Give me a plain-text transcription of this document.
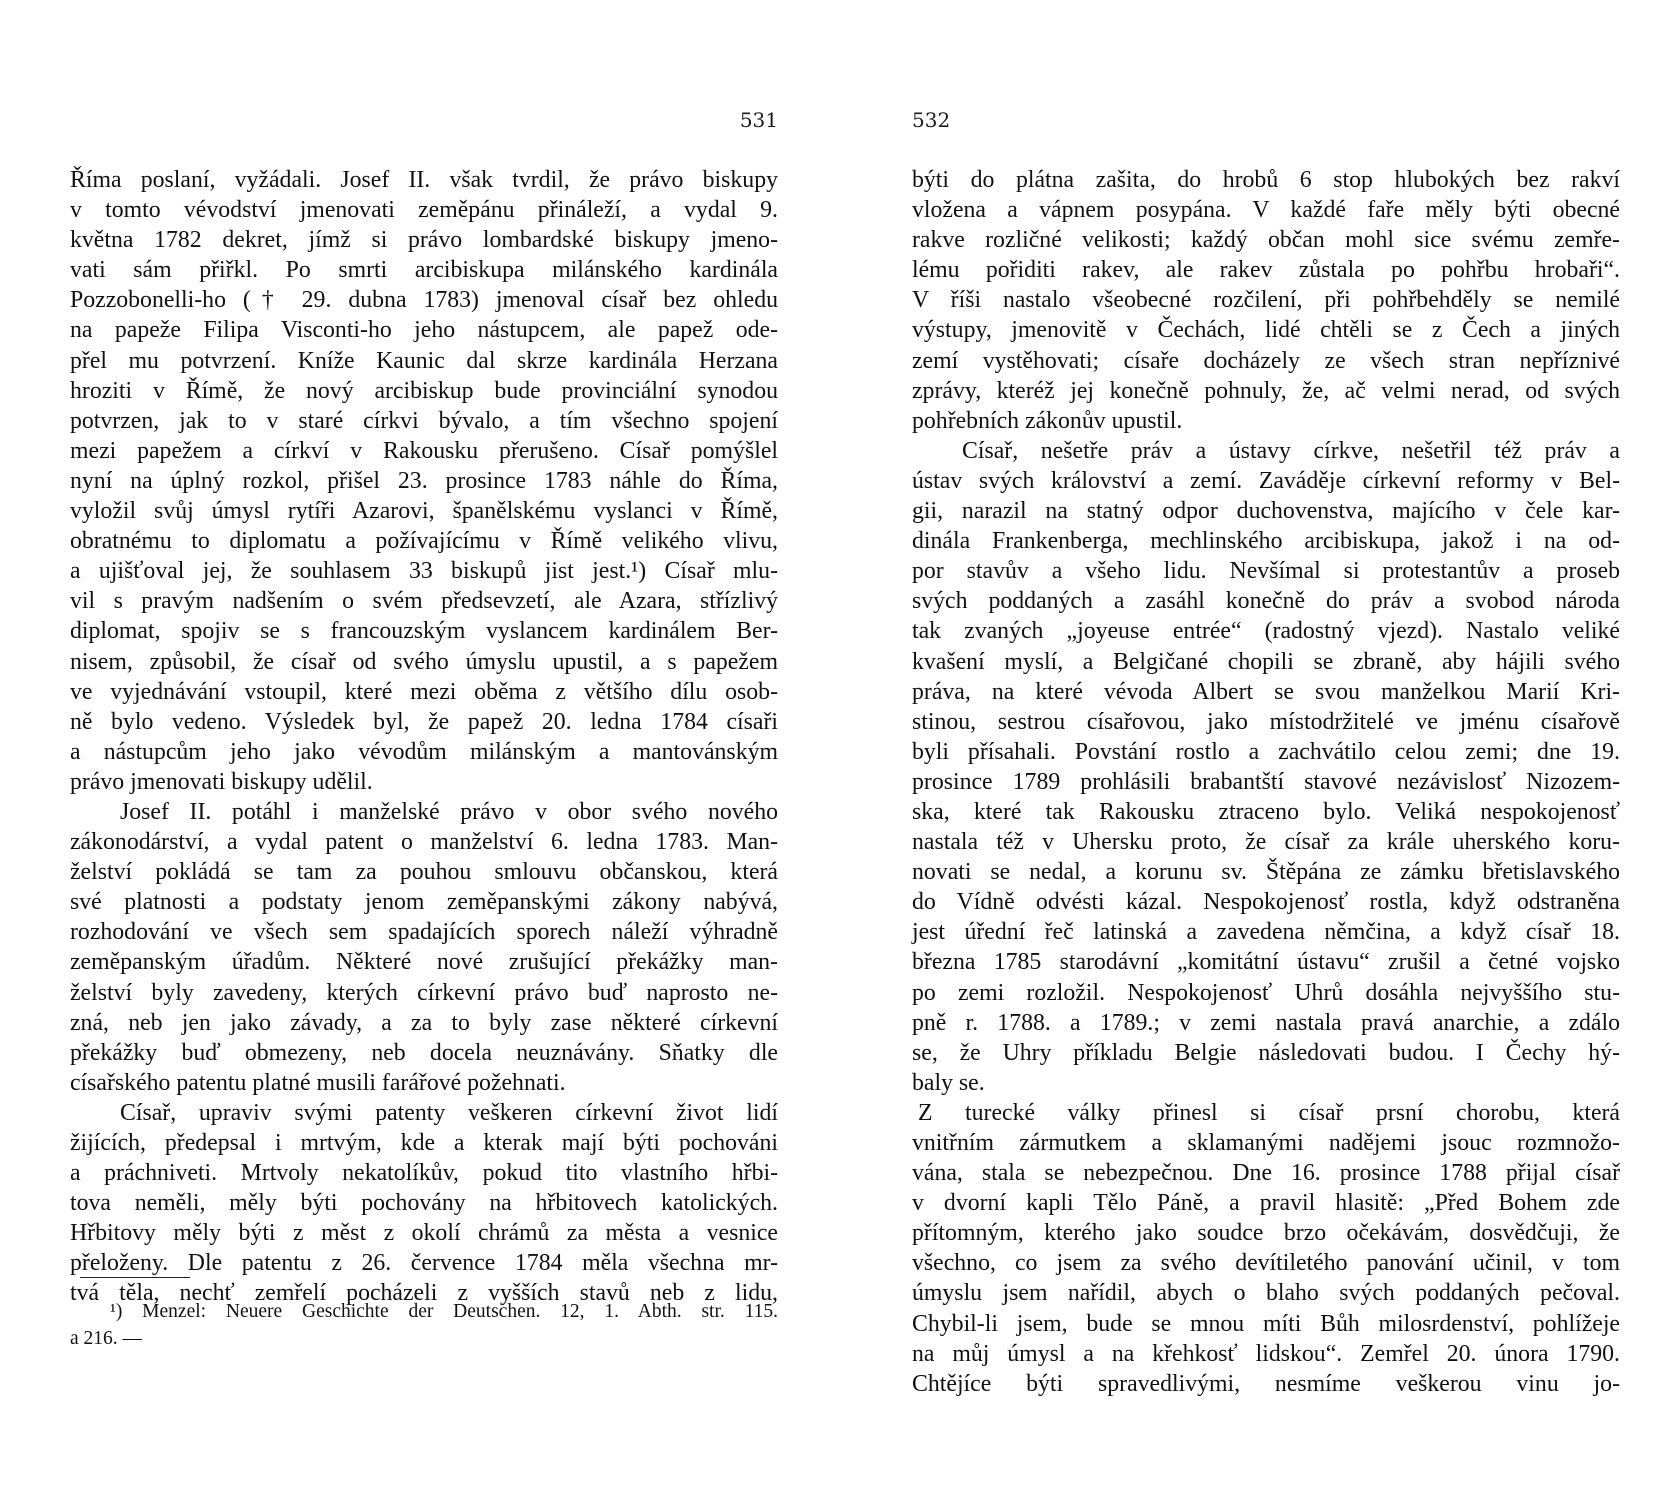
531
Říma poslaní, vyžádali. Josef II. však tvrdil, že právo biskupy
v tomto vévodství jmenovati zeměpánu přináleží, a vydal 9.
května 1782 dekret, jímž si právo lombardské biskupy jmeno-
vati sám přiřkl. Po smrti arcibiskupa milánského kardinála
Pozzobonelli-ho († 29. dubna 1783) jmenoval císař bez ohledu
na papeže Filipa Visconti-ho jeho nástupcem, ale papež ode-
přel mu potvrzení. Kníže Kaunic dal skrze kardinála Herzana
hroziti v Římě, že nový arcibiskup bude provinciální synodou
potvrzen, jak to v staré církvi bývalo, a tím všechno spojení
mezi papežem a církví v Rakousku přerušeno. Císař pomýšlel
nyní na úplný rozkol, přišel 23. prosince 1783 náhle do Říma,
vyložil svůj úmysl rytíři Azarovi, španělskému vyslanci v Římě,
obratnému to diplomatu a požívajícímu v Římě velikého vlivu,
a ujišťoval jej, že souhlasem 33 biskupů jist jest.¹) Císař mlu-
vil s pravým nadšením o svém předsevzetí, ale Azara, střízlivý
diplomat, spojiv se s francouzským vyslancem kardinálem Ber-
nisem, způsobil, že císař od svého úmyslu upustil, a s papežem
ve vyjednávání vstoupil, které mezi oběma z většího dílu osob-
ně bylo vedeno. Výsledek byl, že papež 20. ledna 1784 císaři
a nástupcům jeho jako vévodům milánským a mantovánským
právo jmenovati biskupy udělil.
Josef II. potáhl i manželské právo v obor svého nového
zákonodárství, a vydal patent o manželství 6. ledna 1783. Man-
želství pokládá se tam za pouhou smlouvu občanskou, která
své platnosti a podstaty jenom zeměpanskými zákony nabývá,
rozhodování ve všech sem spadajících sporech náleží výhradně
zeměpanským úřadům. Některé nové zrušující překážky man-
želství byly zavedeny, kterých církevní právo buď naprosto ne-
zná, neb jen jako závady, a za to byly zase některé církevní
překážky buď obmezeny, neb docela neuznávány. Sňatky dle
císařského patentu platné musili farářové požehnati.
Císař, upraviv svými patenty veškeren církevní život lidí
žijících, předepsal i mrtvým, kde a kterak mají býti pochováni
a práchniveti. Mrtvoly nekatolíkův, pokud tito vlastního hřbi-
tova neměli, měly býti pochovány na hřbitovech katolických.
Hřbitovy měly býti z měst z okolí chrámů za města a vesnice
přeloženy. Dle patentu z 26. července 1784 měla všechna mr-
tvá těla, nechť zemřelí pocházeli z vyšších stavů neb z lidu,
¹) Menzel: Neuere Geschichte der Deutschen. 12, 1. Abth. str. 115.
a 216. —
532
býti do plátna zašita, do hrobů 6 stop hlubokých bez rakví
vložena a vápnem posypána. V každé faře měly býti obecné
rakve rozličné velikosti; každý občan mohl sice svému zemře-
lému pořiditi rakev, ale rakev zůstala po pohřbu hrobaři“.
V říši nastalo všeobecné rozčilení, při pohřbehděly se nemilé
výstupy, jmenovitě v Čechách, lidé chtěli se z Čech a jiných
zemí vystěhovati; císaře docházely ze všech stran nepříznivé
zprávy, kteréž jej konečně pohnuly, že, ač velmi nerad, od svých
pohřebních zákonův upustil.
Císař, nešetře práv a ústavy církve, nešetřil též práv a
ústav svých království a zemí. Zaváděje církevní reformy v Bel-
gii, narazil na statný odpor duchovenstva, majícího v čele kar-
dinála Frankenberga, mechlinského arcibiskupa, jakož i na od-
por stavův a všeho lidu. Nevšímal si protestantův a proseb
svých poddaných a zasáhl konečně do práv a svobod národa
tak zvaných „joyeuse entrée“ (radostný vjezd). Nastalo veliké
kvašení myslí, a Belgičané chopili se zbraně, aby hájili svého
práva, na které vévoda Albert se svou manželkou Marií Kri-
stinou, sestrou císařovou, jako místodržitelé ve jménu císařově
byli přísahali. Povstání rostlo a zachvátilo celou zemi; dne 19.
prosince 1789 prohlásili brabantští stavové nezávislosť Nizozem-
ska, které tak Rakousku ztraceno bylo. Veliká nespokojenosť
nastala též v Uhersku proto, že císař za krále uherského koru-
novati se nedal, a korunu sv. Štěpána ze zámku břetislavského
do Vídně odvésti kázal. Nespokojenosť rostla, když odstraněna
jest úřední řeč latinská a zavedena němčina, a když císař 18.
března 1785 starodávní „komitátní ústavu“ zrušil a četné vojsko
po zemi rozložil. Nespokojenosť Uhrů dosáhla nejvyššího stu-
pně r. 1788. a 1789.; v zemi nastala pravá anarchie, a zdálo
se, že Uhry příkladu Belgie následovati budou. I Čechy hý-
baly se.
Z turecké války přinesl si císař prsní chorobu, která
vnitřním zármutkem a sklamanými nadějemi jsouc rozmnožo-
vána, stala se nebezpečnou. Dne 16. prosince 1788 přijal císař
v dvorní kapli Tělo Páně, a pravil hlasitě: „Před Bohem zde
přítomným, kterého jako soudce brzo očekávám, dosvědčuji, že
všechno, co jsem za svého devítiletého panování učinil, v tom
úmyslu jsem nařídil, abych o blaho svých poddaných pečoval.
Chybil-li jsem, bude se mnou míti Bůh milosrdenství, pohlížeje
na můj úmysl a na křehkosť lidskou“. Zemřel 20. února 1790.
Chtějíce býti spravedlivými, nesmíme veškerou vinu jo-
